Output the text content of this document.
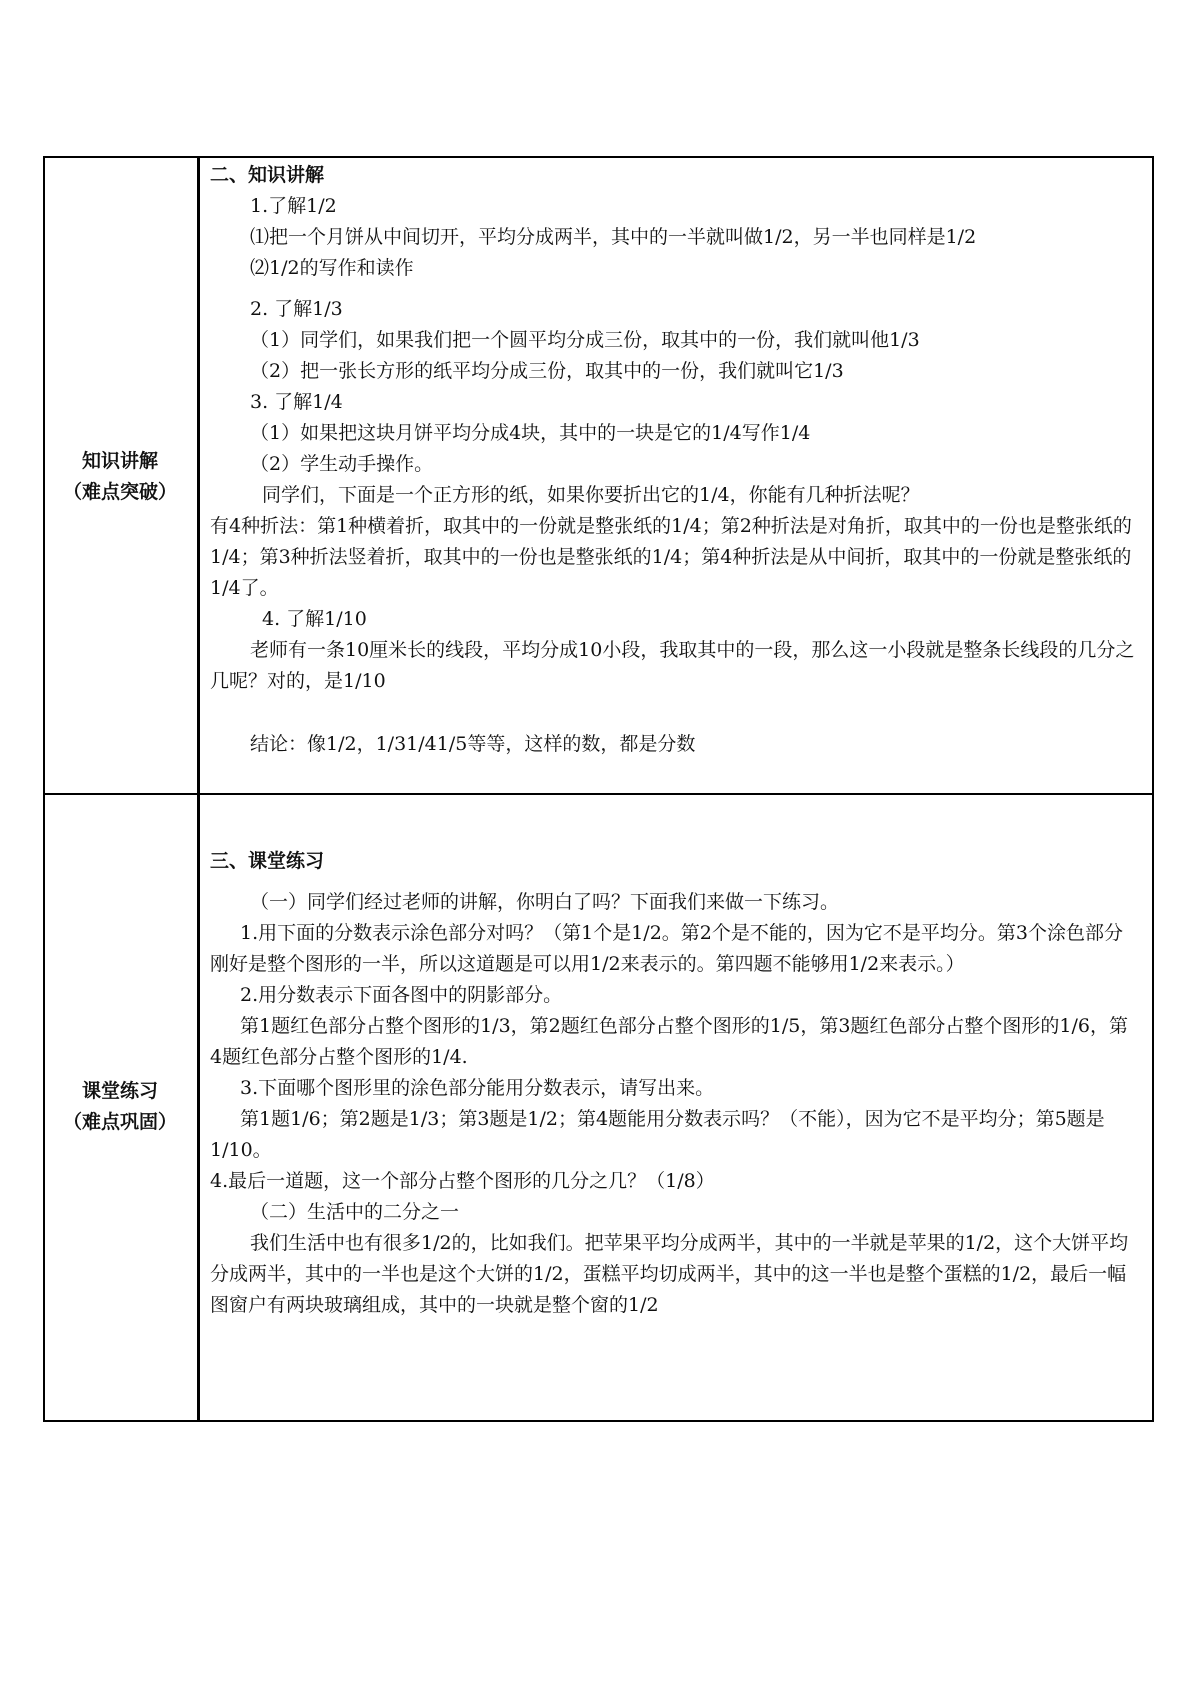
知识讲解
（难点突破）

二、知识讲解

1.了解1/2

⑴把一个月饼从中间切开，平均分成两半，其中的一半就叫做1/2，另一半也同样是1/2

⑵1/2的写作和读作

2. 了解1/3

（1）同学们，如果我们把一个圆平均分成三份，取其中的一份，我们就叫他1/3

（2）把一张长方形的纸平均分成三份，取其中的一份，我们就叫它1/3

3. 了解1/4

（1）如果把这块月饼平均分成4块，其中的一块是它的1/4写作1/4

（2）学生动手操作。

同学们，下面是一个正方形的纸，如果你要折出它的1/4，你能有几种折法呢？

有4种折法：第1种横着折，取其中的一份就是整张纸的1/4；第2种折法是对角折，取其中的一份也是整张纸的1/4；第3种折法竖着折，取其中的一份也是整张纸的1/4；第4种折法是从中间折，取其中的一份就是整张纸的1/4了。

4. 了解1/10

老师有一条10厘米长的线段，平均分成10小段，我取其中的一段，那么这一小段就是整条长线段的几分之几呢？对的，是1/10

结论：像1/2，1/31/41/5等等，这样的数，都是分数

课堂练习
（难点巩固）

三、课堂练习

（一）同学们经过老师的讲解，你明白了吗？下面我们来做一下练习。

1.用下面的分数表示涂色部分对吗？（第1个是1/2。第2个是不能的，因为它不是平均分。第3个涂色部分刚好是整个图形的一半，所以这道题是可以用1/2来表示的。第四题不能够用1/2来表示。）

2.用分数表示下面各图中的阴影部分。

第1题红色部分占整个图形的1/3，第2题红色部分占整个图形的1/5，第3题红色部分占整个图形的1/6，第4题红色部分占整个图形的1/4.

3.下面哪个图形里的涂色部分能用分数表示，请写出来。

第1题1/6；第2题是1/3；第3题是1/2；第4题能用分数表示吗？（不能），因为它不是平均分；第5题是1/10。

4.最后一道题，这一个部分占整个图形的几分之几？（1/8）

（二）生活中的二分之一

我们生活中也有很多1/2的，比如我们。把苹果平均分成两半，其中的一半就是苹果的1/2，这个大饼平均分成两半，其中的一半也是这个大饼的1/2，蛋糕平均切成两半，其中的这一半也是整个蛋糕的1/2，最后一幅图窗户有两块玻璃组成，其中的一块就是整个窗的1/2
